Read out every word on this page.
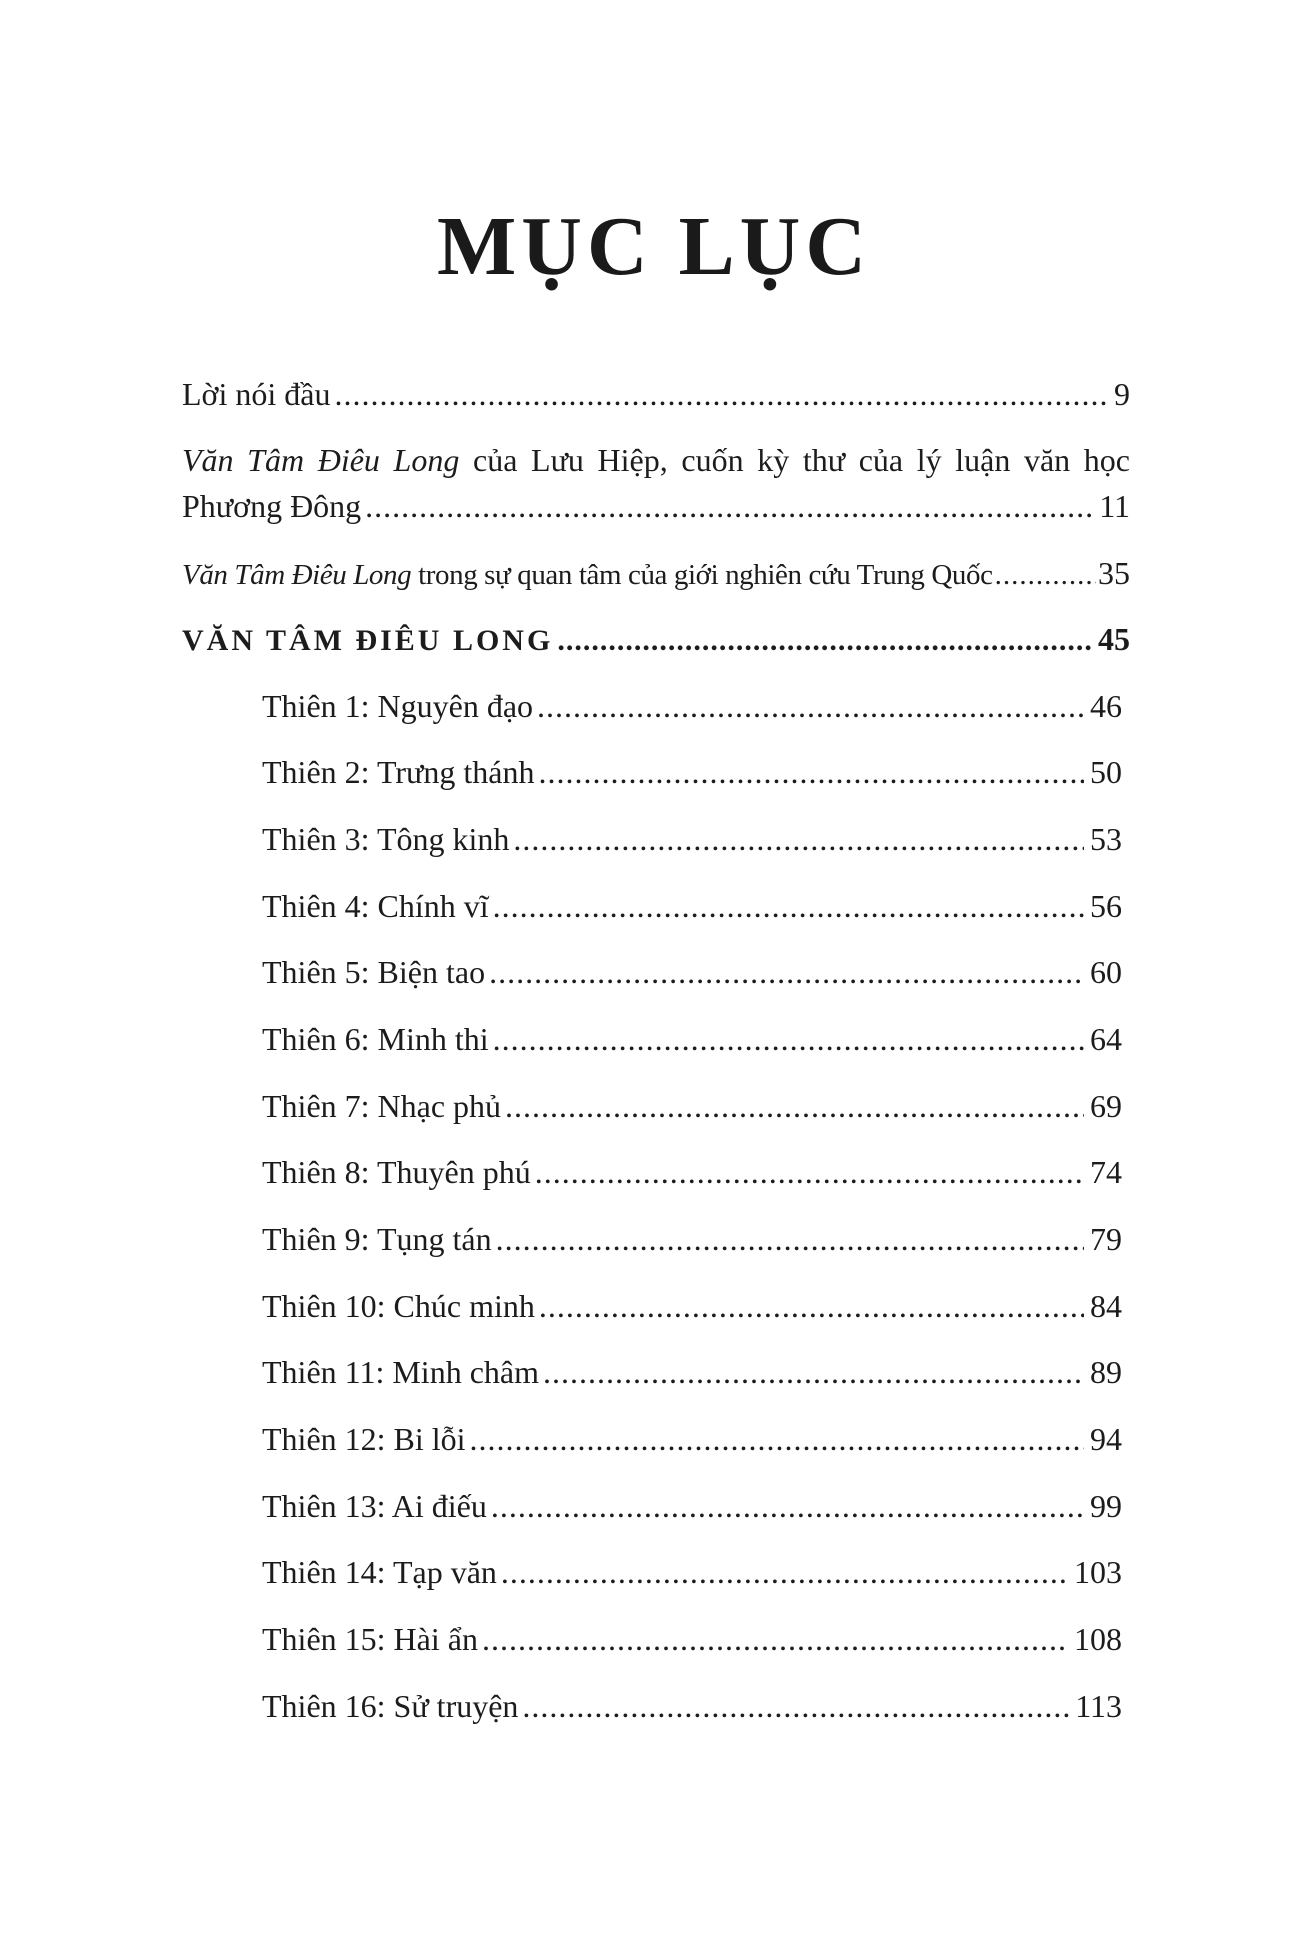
MỤC LỤC
Lời nói đầu .....	9
Văn Tâm Điêu Long của Lưu Hiệp, cuốn kỳ thư của lý luận văn học
Phương Đông .....	11
Văn Tâm Điêu Long trong sự quan tâm của giới nghiên cứu Trung Quốc .....	35
VĂN TÂM ĐIÊU LONG .....	45
Thiên 1: Nguyên đạo .....	46
Thiên 2: Trưng thánh .....	50
Thiên 3: Tông kinh .....	53
Thiên 4: Chính vĩ .....	56
Thiên 5: Biện tao .....	60
Thiên 6: Minh thi .....	64
Thiên 7: Nhạc phủ .....	69
Thiên 8: Thuyên phú .....	74
Thiên 9: Tụng tán .....	79
Thiên 10: Chúc minh .....	84
Thiên 11: Minh châm .....	89
Thiên 12: Bi lỗi .....	94
Thiên 13: Ai điếu .....	99
Thiên 14: Tạp văn .....	103
Thiên 15: Hài ẩn .....	108
Thiên 16: Sử truyện .....	113
